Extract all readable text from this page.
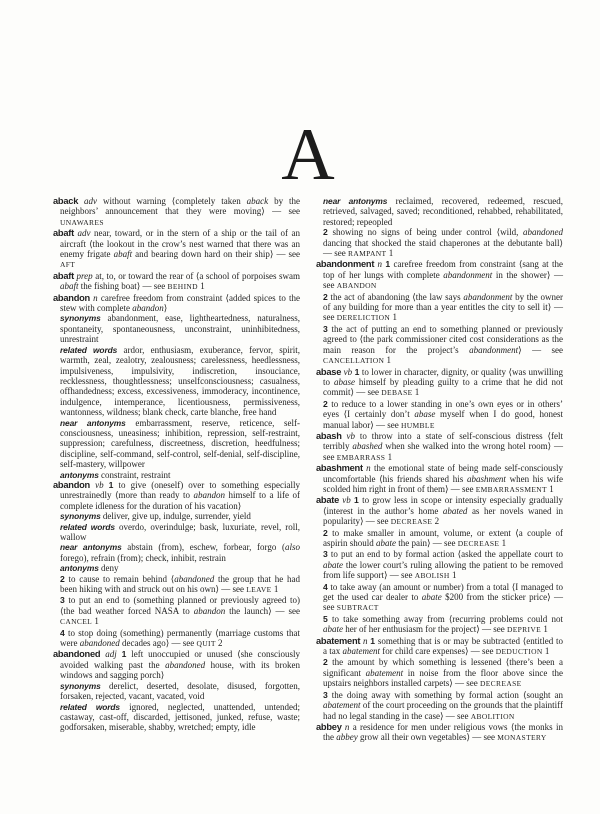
A

aback adv without warning ⟨completely taken aback by the neighbors’ announcement that they were moving⟩ — see UNAWARES

abaft adv near, toward, or in the stern of a ship or the tail of an aircraft ⟨the lookout in the crow’s nest warned that there was an enemy frigate abaft and bearing down hard on their ship⟩ — see AFT

abaft prep at, to, or toward the rear of ⟨a school of porpoises swam abaft the fishing boat⟩ — see BEHIND 1

abandon n carefree freedom from constraint ⟨added spices to the stew with complete abandon⟩

synonyms abandonment, ease, lightheartedness, naturalness, spontaneity, spontaneousness, unconstraint, uninhibitedness, unrestraint

related words ardor, enthusiasm, exuberance, fervor, spirit, warmth, zeal, zealotry, zealousness; carelessness, heedlessness, impulsiveness, impulsivity, indiscretion, insouciance, recklessness, thoughtlessness; unselfconsciousness; casualness, offhandedness; excess, excessiveness, immoderacy, incontinence, indulgence, intemperance, licentiousness, permissiveness, wantonness, wildness; blank check, carte blanche, free hand

near antonyms embarrassment, reserve, reticence, self-consciousness, uneasiness; inhibition, repression, self-restraint, suppression; carefulness, discreetness, discretion, heedfulness; discipline, self-command, self-control, self-denial, self-discipline, self-mastery, willpower

antonyms constraint, restraint

abandon vb 1 to give (oneself) over to something especially unrestrainedly ⟨more than ready to abandon himself to a life of complete idleness for the duration of his vacation⟩

synonyms deliver, give up, indulge, surrender, yield

related words overdo, overindulge; bask, luxuriate, revel, roll, wallow

near antonyms abstain (from), eschew, forbear, forgo (also forego), refrain (from); check, inhibit, restrain

antonyms deny

2 to cause to remain behind ⟨abandoned the group that he had been hiking with and struck out on his own⟩ — see LEAVE 1

3 to put an end to (something planned or previously agreed to) ⟨the bad weather forced NASA to abandon the launch⟩ — see CANCEL 1

4 to stop doing (something) permanently ⟨marriage customs that were abandoned decades ago⟩ — see QUIT 2

abandoned adj 1 left unoccupied or unused ⟨she consciously avoided walking past the abandoned house, with its broken windows and sagging porch⟩

synonyms derelict, deserted, desolate, disused, forgotten, forsaken, rejected, vacant, vacated, void

related words ignored, neglected, unattended, untended; castaway, cast-off, discarded, jettisoned, junked, refuse, waste; godforsaken, miserable, shabby, wretched; empty, idle

near antonyms reclaimed, recovered, redeemed, rescued, retrieved, salvaged, saved; reconditioned, rehabbed, rehabilitated, restored; repeopled

2 showing no signs of being under control ⟨wild, abandoned dancing that shocked the staid chaperones at the debutante ball⟩ — see RAMPANT 1

abandonment n 1 carefree freedom from constraint ⟨sang at the top of her lungs with complete abandonment in the shower⟩ — see ABANDON

2 the act of abandoning ⟨the law says abandonment by the owner of any building for more than a year entitles the city to sell it⟩ — see DERELICTION 1

3 the act of putting an end to something planned or previously agreed to ⟨the park commissioner cited cost considerations as the main reason for the project’s abandonment⟩ — see CANCELLATION 1

abase vb 1 to lower in character, dignity, or quality ⟨was unwilling to abase himself by pleading guilty to a crime that he did not commit⟩ — see DEBASE 1

2 to reduce to a lower standing in one’s own eyes or in others’ eyes ⟨I certainly don’t abase myself when I do good, honest manual labor⟩ — see HUMBLE

abash vb to throw into a state of self-conscious distress ⟨felt terribly abashed when she walked into the wrong hotel room⟩ — see EMBARRASS 1

abashment n the emotional state of being made self-consciously uncomfortable ⟨his friends shared his abashment when his wife scolded him right in front of them⟩ — see EMBARRASSMENT 1

abate vb 1 to grow less in scope or intensity especially gradually ⟨interest in the author’s home abated as her novels waned in popularity⟩ — see DECREASE 2

2 to make smaller in amount, volume, or extent ⟨a couple of aspirin should abate the pain⟩ — see DECREASE 1

3 to put an end to by formal action ⟨asked the appellate court to abate the lower court’s ruling allowing the patient to be removed from life support⟩ — see ABOLISH 1

4 to take away (an amount or number) from a total ⟨I managed to get the used car dealer to abate $200 from the sticker price⟩ — see SUBTRACT

5 to take something away from ⟨recurring problems could not abate her of her enthusiasm for the project⟩ — see DEPRIVE 1

abatement n 1 something that is or may be subtracted ⟨entitled to a tax abatement for child care expenses⟩ — see DEDUCTION 1

2 the amount by which something is lessened ⟨there’s been a significant abatement in noise from the floor above since the upstairs neighbors installed carpets⟩ — see DECREASE

3 the doing away with something by formal action ⟨sought an abatement of the court proceeding on the grounds that the plaintiff had no legal standing in the case⟩ — see ABOLITION

abbey n a residence for men under religious vows ⟨the monks in the abbey grow all their own vegetables⟩ — see MONASTERY
